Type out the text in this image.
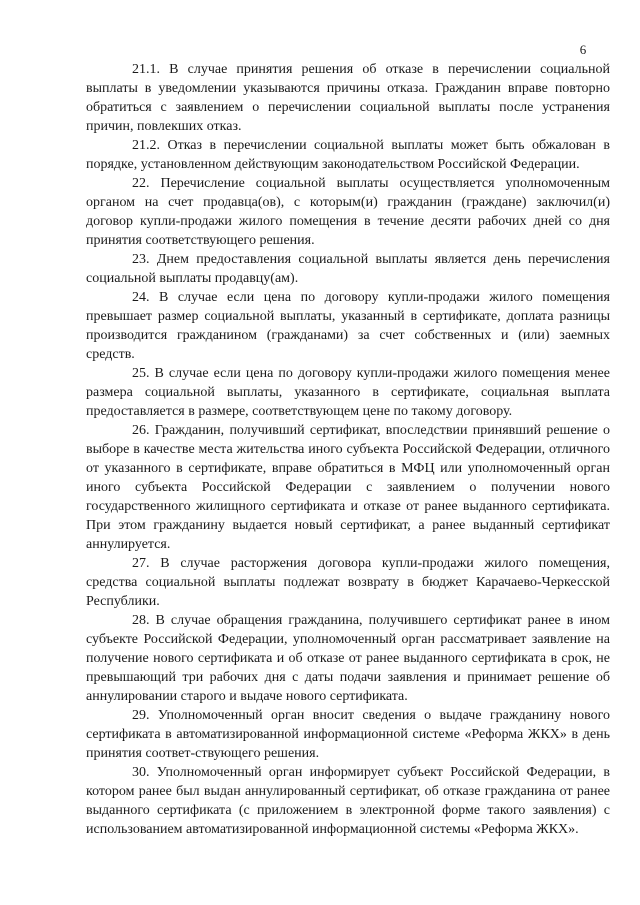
6

21.1. В случае принятия решения об отказе в перечислении социальной выплаты в уведомлении указываются причины отказа. Гражданин вправе повторно обратиться с заявлением о перечислении социальной выплаты после устранения причин, повлекших отказ.

21.2. Отказ в перечислении социальной выплаты может быть обжалован в порядке, установленном действующим законодательством Российской Федерации.

22. Перечисление социальной выплаты осуществляется уполномоченным органом на счет продавца(ов), с которым(и) гражданин (граждане) заключил(и) договор купли-продажи жилого помещения в течение десяти рабочих дней со дня принятия соответствующего решения.

23. Днем предоставления социальной выплаты является день перечисления социальной выплаты продавцу(ам).

24. В случае если цена по договору купли-продажи жилого помещения превышает размер социальной выплаты, указанный в сертификате, доплата разницы производится гражданином (гражданами) за счет собственных и (или) заемных средств.

25. В случае если цена по договору купли-продажи жилого помещения менее размера социальной выплаты, указанного в сертификате, социальная выплата предоставляется в размере, соответствующем цене по такому договору.

26. Гражданин, получивший сертификат, впоследствии принявший решение о выборе в качестве места жительства иного субъекта Российской Федерации, отличного от указанного в сертификате, вправе обратиться в МФЦ или уполномоченный орган иного субъекта Российской Федерации с заявлением о получении нового государственного жилищного сертификата и отказе от ранее выданного сертификата. При этом гражданину выдается новый сертификат, а ранее выданный сертификат аннулируется.

27. В случае расторжения договора купли-продажи жилого помещения, средства социальной выплаты подлежат возврату в бюджет Карачаево-Черкесской Республики.

28. В случае обращения гражданина, получившего сертификат ранее в ином субъекте Российской Федерации, уполномоченный орган рассматривает заявление на получение нового сертификата и об отказе от ранее выданного сертификата в срок, не превышающий три рабочих дня с даты подачи заявления и принимает решение об аннулировании старого и выдаче нового сертификата.

29. Уполномоченный орган вносит сведения о выдаче гражданину нового сертификата в автоматизированной информационной системе «Реформа ЖКХ» в день принятия соответ-ствующего решения.

30. Уполномоченный орган информирует субъект Российской Федерации, в котором ранее был выдан аннулированный сертификат, об отказе гражданина от ранее выданного сертификата (с приложением в электронной форме такого заявления) с использованием автоматизированной информационной системы «Реформа ЖКХ».
